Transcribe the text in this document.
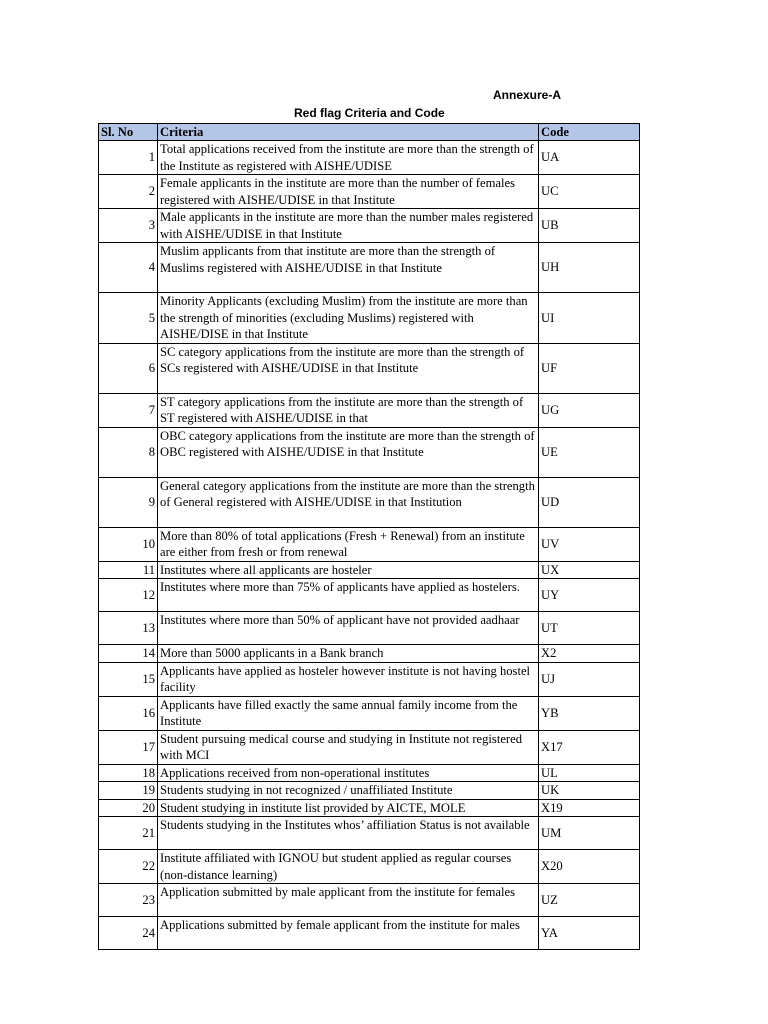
Annexure-A
Red flag Criteria and Code
Sl. No	Criteria	Code
1	Total applications received from the institute are more than the strength of the Institute as registered with AISHE/UDISE	UA
2	Female applicants in the institute are more than the number of females registered with AISHE/UDISE in that Institute	UC
3	Male applicants in the institute are more than the number males registered with AISHE/UDISE in that Institute	UB
4	Muslim applicants from that institute are more than the strength of Muslims registered with AISHE/UDISE in that Institute	UH
5	Minority Applicants (excluding Muslim) from the institute are more than the strength of minorities (excluding Muslims) registered with AISHE/DISE in that Institute	UI
6	SC category applications from the institute are more than the strength of SCs registered with AISHE/UDISE in that Institute	UF
7	ST category applications from the institute are more than the strength of ST registered with AISHE/UDISE in that	UG
8	OBC category applications from the institute are more than the strength of OBC registered with AISHE/UDISE in that Institute	UE
9	General category applications from the institute are more than the strength of General registered with AISHE/UDISE in that Institution	UD
10	More than 80% of total applications (Fresh + Renewal) from an institute are either from fresh or from renewal	UV
11	Institutes where all applicants are hosteler	UX
12	Institutes where more than 75% of applicants have applied as hostelers.	UY
13	Institutes where more than 50% of applicant have not provided aadhaar	UT
14	More than 5000 applicants in a Bank branch	X2
15	Applicants have applied as hosteler however institute is not having hostel facility	UJ
16	Applicants have filled exactly the same annual family income from the Institute	YB
17	Student pursuing medical course and studying in Institute not registered with MCI	X17
18	Applications received from non-operational institutes	UL
19	Students studying in not recognized / unaffiliated Institute	UK
20	Student studying in institute list provided by AICTE, MOLE	X19
21	Students studying in the Institutes whos’ affiliation Status is not available	UM
22	Institute affiliated with IGNOU but student applied as regular courses (non-distance learning)	X20
23	Application submitted by male applicant from the institute for females	UZ
24	Applications submitted by female applicant from the institute for males	YA
